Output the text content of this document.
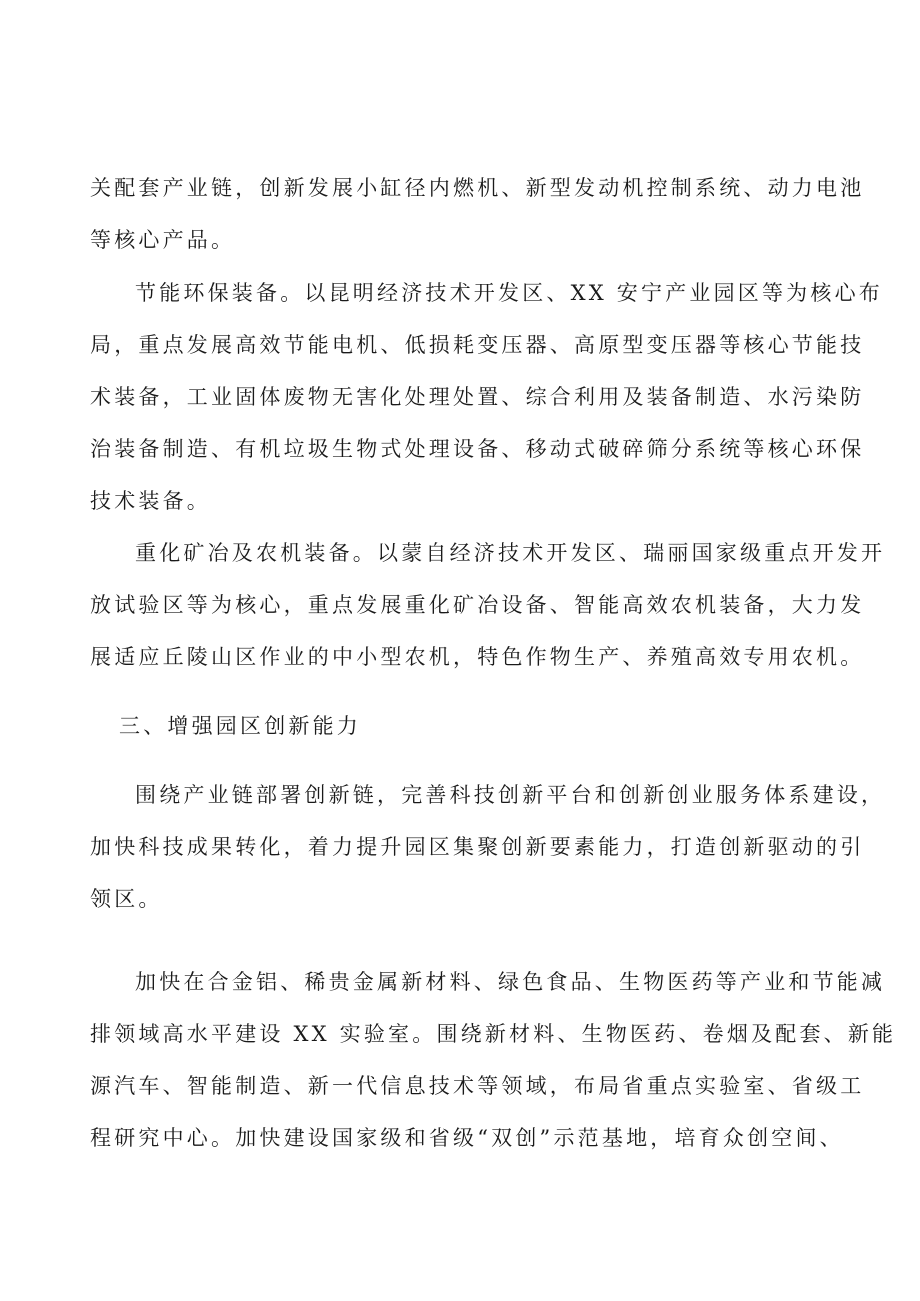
关配套产业链，创新发展小缸径内燃机、新型发动机控制系统、动力电池

等核心产品。

节能环保装备。以昆明经济技术开发区、XX 安宁产业园区等为核心布

局，重点发展高效节能电机、低损耗变压器、高原型变压器等核心节能技

术装备，工业固体废物无害化处理处置、综合利用及装备制造、水污染防

治装备制造、有机垃圾生物式处理设备、移动式破碎筛分系统等核心环保

技术装备。

重化矿冶及农机装备。以蒙自经济技术开发区、瑞丽国家级重点开发开

放试验区等为核心，重点发展重化矿冶设备、智能高效农机装备，大力发

展适应丘陵山区作业的中小型农机，特色作物生产、养殖高效专用农机。

三、增强园区创新能力

围绕产业链部署创新链，完善科技创新平台和创新创业服务体系建设，

加快科技成果转化，着力提升园区集聚创新要素能力，打造创新驱动的引

领区。

加快在合金铝、稀贵金属新材料、绿色食品、生物医药等产业和节能减

排领域高水平建设 XX 实验室。围绕新材料、生物医药、卷烟及配套、新能

源汽车、智能制造、新一代信息技术等领域，布局省重点实验室、省级工

程研究中心。加快建设国家级和省级“双创”示范基地，培育众创空间、
